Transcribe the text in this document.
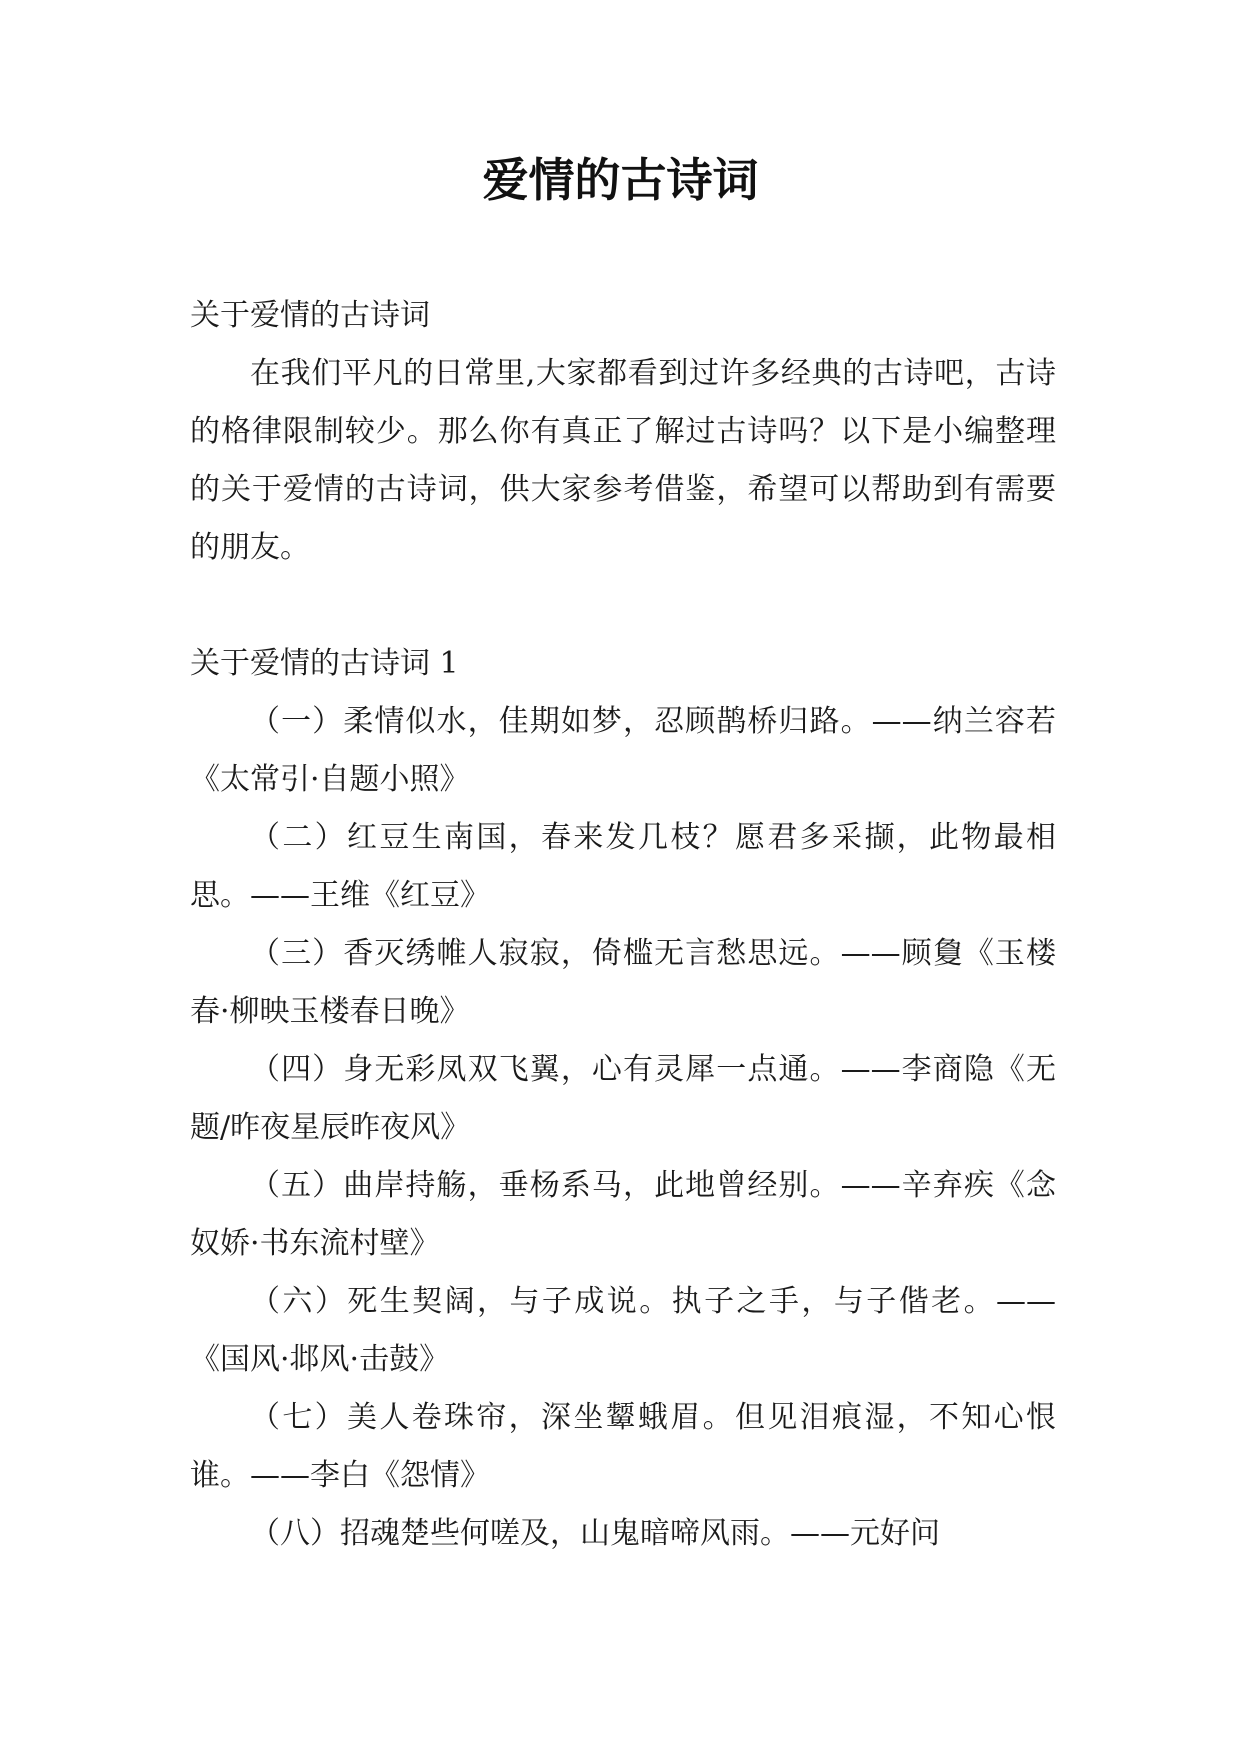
爱情的古诗词

关于爱情的古诗词

在我们平凡的日常里,大家都看到过许多经典的古诗吧，古诗的格律限制较少。那么你有真正了解过古诗吗？以下是小编整理的关于爱情的古诗词，供大家参考借鉴，希望可以帮助到有需要的朋友。

关于爱情的古诗词 1

（一）柔情似水，佳期如梦，忍顾鹊桥归路。——纳兰容若《太常引·自题小照》

（二）红豆生南国，春来发几枝？愿君多采撷，此物最相思。——王维《红豆》

（三）香灭绣帷人寂寂，倚槛无言愁思远。——顾敻《玉楼春·柳映玉楼春日晚》

（四）身无彩凤双飞翼，心有灵犀一点通。——李商隐《无题/昨夜星辰昨夜风》

（五）曲岸持觞，垂杨系马，此地曾经别。——辛弃疾《念奴娇·书东流村壁》

（六）死生契阔，与子成说。执子之手，与子偕老。——《国风·邶风·击鼓》

（七）美人卷珠帘，深坐颦蛾眉。但见泪痕湿，不知心恨谁。——李白《怨情》

（八）招魂楚些何嗟及，山鬼暗啼风雨。——元好问
